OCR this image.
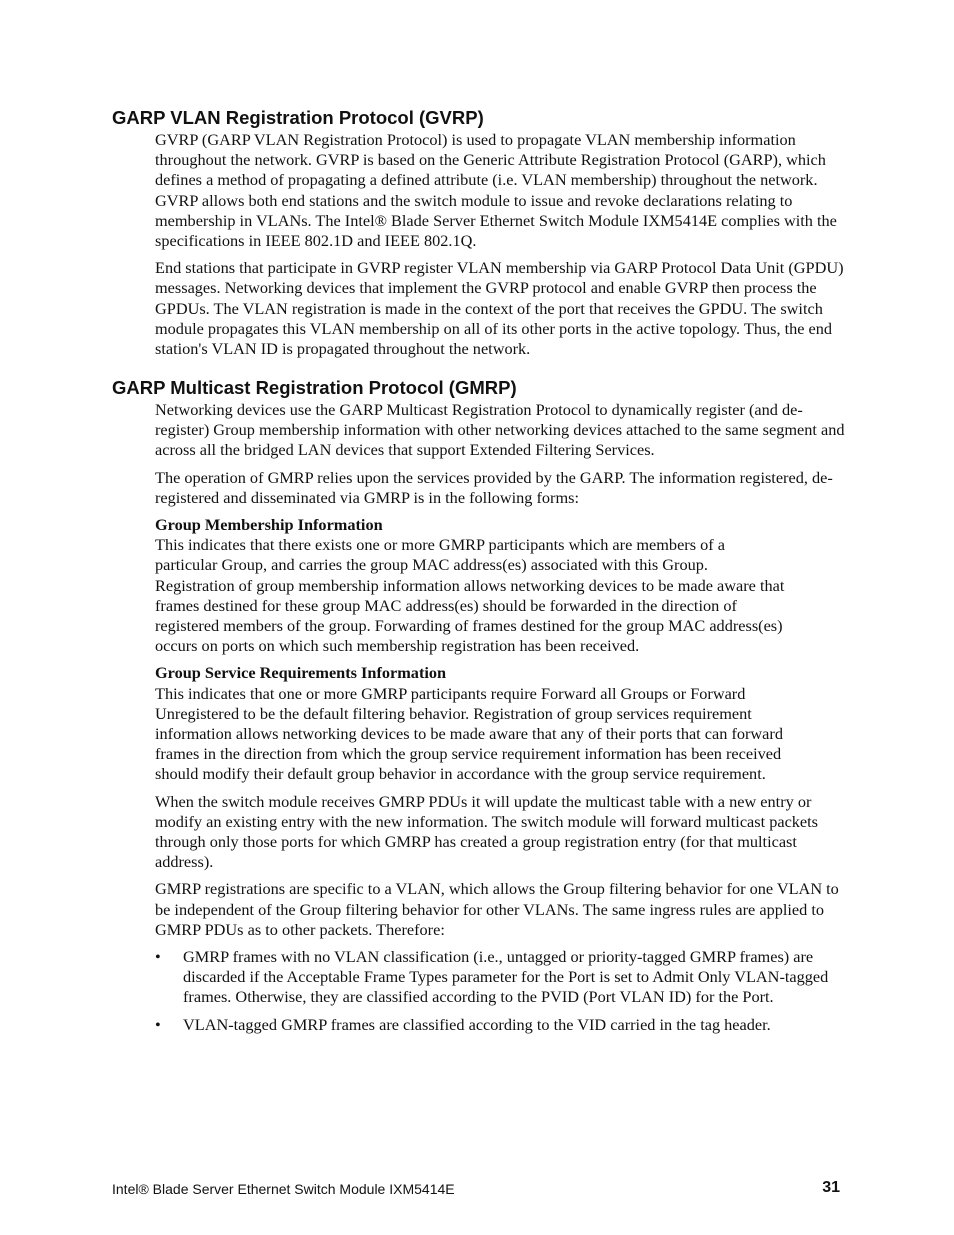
GARP VLAN Registration Protocol (GVRP)

GVRP (GARP VLAN Registration Protocol) is used to propagate VLAN membership information throughout the network. GVRP is based on the Generic Attribute Registration Protocol (GARP), which defines a method of propagating a defined attribute (i.e. VLAN membership) throughout the network. GVRP allows both end stations and the switch module to issue and revoke declarations relating to membership in VLANs. The Intel® Blade Server Ethernet Switch Module IXM5414E complies with the specifications in IEEE 802.1D and IEEE 802.1Q.

End stations that participate in GVRP register VLAN membership via GARP Protocol Data Unit (GPDU) messages. Networking devices that implement the GVRP protocol and enable GVRP then process the GPDUs. The VLAN registration is made in the context of the port that receives the GPDU. The switch module propagates this VLAN membership on all of its other ports in the active topology. Thus, the end station's VLAN ID is propagated throughout the network.

GARP Multicast Registration Protocol (GMRP)

Networking devices use the GARP Multicast Registration Protocol to dynamically register (and de-register) Group membership information with other networking devices attached to the same segment and across all the bridged LAN devices that support Extended Filtering Services.

The operation of GMRP relies upon the services provided by the GARP. The information registered, de-registered and disseminated via GMRP is in the following forms:

Group Membership Information

This indicates that there exists one or more GMRP participants which are members of a particular Group, and carries the group MAC address(es) associated with this Group. Registration of group membership information allows networking devices to be made aware that frames destined for these group MAC address(es) should be forwarded in the direction of registered members of the group. Forwarding of frames destined for the group MAC address(es) occurs on ports on which such membership registration has been received.

Group Service Requirements Information

This indicates that one or more GMRP participants require Forward all Groups or Forward Unregistered to be the default filtering behavior. Registration of group services requirement information allows networking devices to be made aware that any of their ports that can forward frames in the direction from which the group service requirement information has been received should modify their default group behavior in accordance with the group service requirement.

When the switch module receives GMRP PDUs it will update the multicast table with a new entry or modify an existing entry with the new information. The switch module will forward multicast packets through only those ports for which GMRP has created a group registration entry (for that multicast address).

GMRP registrations are specific to a VLAN, which allows the Group filtering behavior for one VLAN to be independent of the Group filtering behavior for other VLANs. The same ingress rules are applied to GMRP PDUs as to other packets. Therefore:

• GMRP frames with no VLAN classification (i.e., untagged or priority-tagged GMRP frames) are discarded if the Acceptable Frame Types parameter for the Port is set to Admit Only VLAN-tagged frames. Otherwise, they are classified according to the PVID (Port VLAN ID) for the Port.
• VLAN-tagged GMRP frames are classified according to the VID carried in the tag header.
Intel® Blade Server Ethernet Switch Module IXM5414E	31
